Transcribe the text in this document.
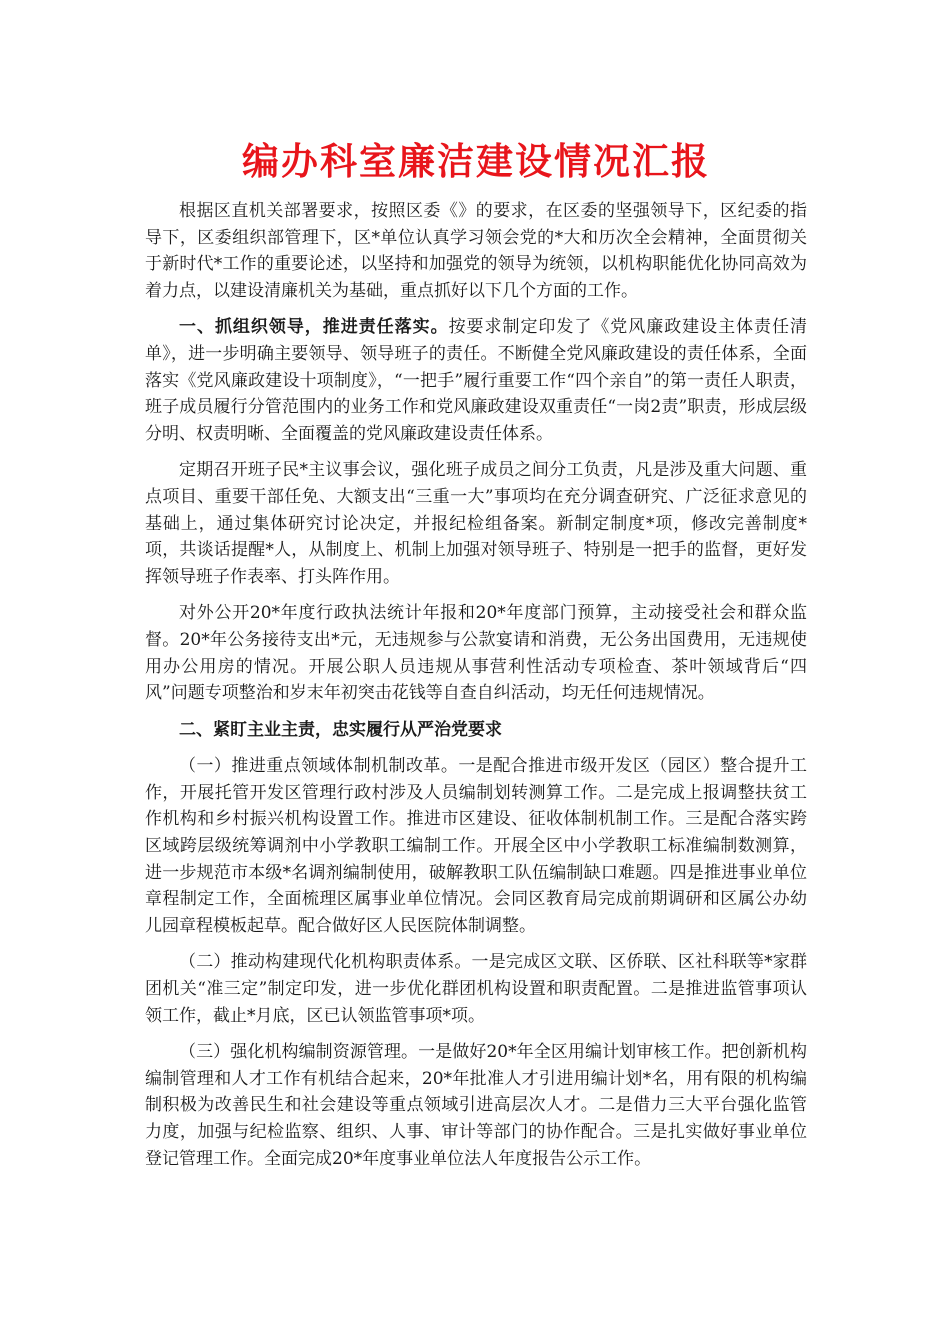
编办科室廉洁建设情况汇报

根据区直机关部署要求，按照区委《》的要求，在区委的坚强领导下，区纪委的指导下，区委组织部管理下，区*单位认真学习领会党的*大和历次全会精神，全面贯彻关于新时代*工作的重要论述，以坚持和加强党的领导为统领，以机构职能优化协同高效为着力点，以建设清廉机关为基础，重点抓好以下几个方面的工作。

一、抓组织领导，推进责任落实。按要求制定印发了《党风廉政建设主体责任清单》，进一步明确主要领导、领导班子的责任。不断健全党风廉政建设的责任体系，全面落实《党风廉政建设十项制度》，“一把手”履行重要工作“四个亲自”的第一责任人职责，班子成员履行分管范围内的业务工作和党风廉政建设双重责任“一岗2责”职责，形成层级分明、权责明晰、全面覆盖的党风廉政建设责任体系。

定期召开班子民*主议事会议，强化班子成员之间分工负责，凡是涉及重大问题、重点项目、重要干部任免、大额支出“三重一大”事项均在充分调查研究、广泛征求意见的基础上，通过集体研究讨论决定，并报纪检组备案。新制定制度*项，修改完善制度*项，共谈话提醒*人，从制度上、机制上加强对领导班子、特别是一把手的监督，更好发挥领导班子作表率、打头阵作用。

对外公开20*年度行政执法统计年报和20*年度部门预算，主动接受社会和群众监督。20*年公务接待支出*元，无违规参与公款宴请和消费，无公务出国费用，无违规使用办公用房的情况。开展公职人员违规从事营利性活动专项检查、茶叶领域背后“四风”问题专项整治和岁末年初突击花钱等自查自纠活动，均无任何违规情况。

二、紧盯主业主责，忠实履行从严治党要求

（一）推进重点领域体制机制改革。一是配合推进市级开发区（园区）整合提升工作，开展托管开发区管理行政村涉及人员编制划转测算工作。二是完成上报调整扶贫工作机构和乡村振兴机构设置工作。推进市区建设、征收体制机制工作。三是配合落实跨区域跨层级统筹调剂中小学教职工编制工作。开展全区中小学教职工标准编制数测算，进一步规范市本级*名调剂编制使用，破解教职工队伍编制缺口难题。四是推进事业单位章程制定工作，全面梳理区属事业单位情况。会同区教育局完成前期调研和区属公办幼儿园章程模板起草。配合做好区人民医院体制调整。

（二）推动构建现代化机构职责体系。一是完成区文联、区侨联、区社科联等*家群团机关“准三定”制定印发，进一步优化群团机构设置和职责配置。二是推进监管事项认领工作，截止*月底，区已认领监管事项*项。

（三）强化机构编制资源管理。一是做好20*年全区用编计划审核工作。把创新机构编制管理和人才工作有机结合起来，20*年批准人才引进用编计划*名，用有限的机构编制积极为改善民生和社会建设等重点领域引进高层次人才。二是借力三大平台强化监管力度，加强与纪检监察、组织、人事、审计等部门的协作配合。三是扎实做好事业单位登记管理工作。全面完成20*年度事业单位法人年度报告公示工作。
